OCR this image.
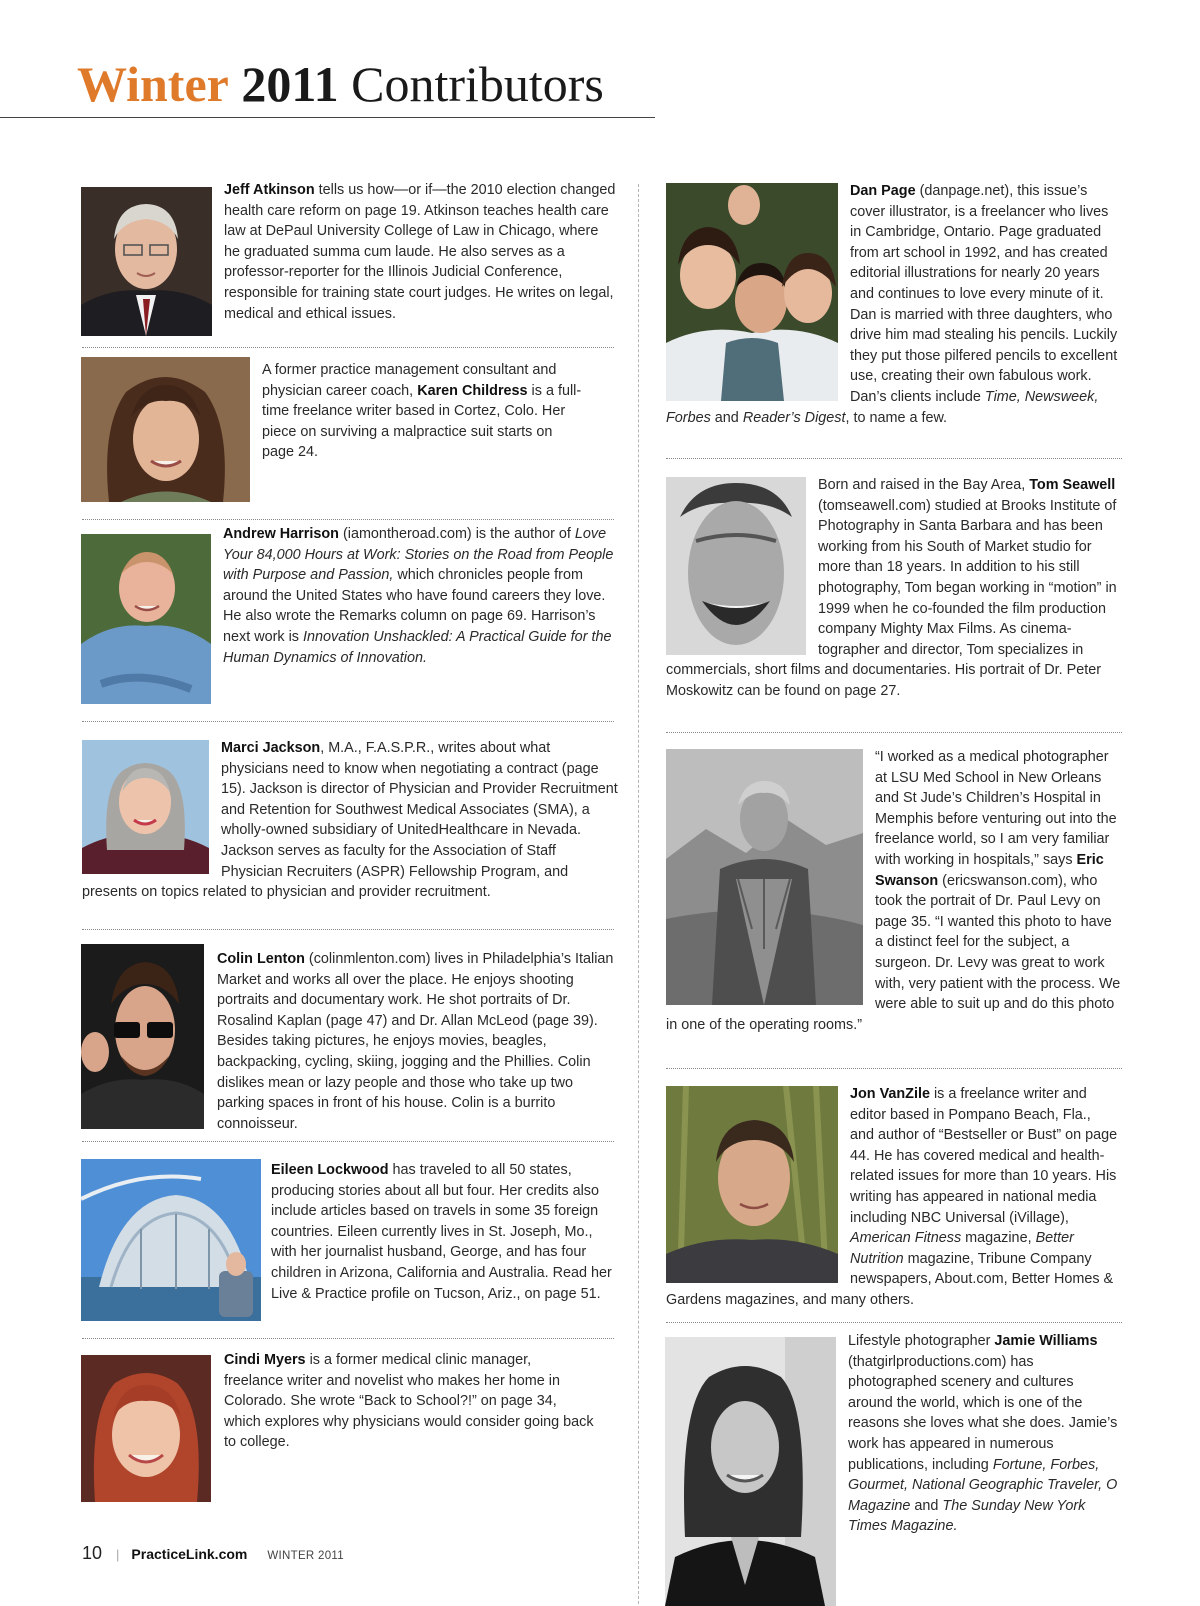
Winter 2011 Contributors

Jeff Atkinson tells us how—or if—the 2010 election changed health care reform on page 19. Atkinson teaches health care law at DePaul University College of Law in Chicago, where he graduated summa cum laude. He also serves as a professor-reporter for the Illinois Judicial Conference, responsible for training state court judges. He writes on legal, medical and ethical issues.

A former practice management consultant and physician career coach, Karen Childress is a full-time freelance writer based in Cortez, Colo. Her piece on surviving a malpractice suit starts on page 24.

Andrew Harrison (iamontheroad.com) is the author of Love Your 84,000 Hours at Work: Stories on the Road from People with Purpose and Passion, which chronicles people from around the United States who have found careers they love. He also wrote the Remarks column on page 69. Harrison’s next work is Innovation Unshackled: A Practical Guide for the Human Dynamics of Innovation.

Marci Jackson, M.A., F.A.S.P.R., writes about what physicians need to know when negotiating a contract (page 15). Jackson is director of Physician and Provider Recruitment and Retention for Southwest Medical Associates (SMA), a wholly-owned subsidiary of UnitedHealthcare in Nevada. Jackson serves as faculty for the Association of Staff Physician Recruiters (ASPR) Fellowship Program, and presents on topics related to physician and provider recruitment.

Colin Lenton (colinmlenton.com) lives in Philadelphia’s Italian Market and works all over the place. He enjoys shooting portraits and documentary work. He shot portraits of Dr. Rosalind Kaplan (page 47) and Dr. Allan McLeod (page 39). Besides taking pictures, he enjoys movies, beagles, backpacking, cycling, skiing, jogging and the Phillies. Colin dislikes mean or lazy people and those who take up two parking spaces in front of his house. Colin is a burrito connoisseur.

Eileen Lockwood has traveled to all 50 states, producing stories about all but four. Her credits also include articles based on travels in some 35 foreign countries. Eileen currently lives in St. Joseph, Mo., with her journalist husband, George, and has four children in Arizona, California and Australia. Read her Live & Practice profile on Tucson, Ariz., on page 51.

Cindi Myers is a former medical clinic manager, freelance writer and novelist who makes her home in Colorado. She wrote “Back to School?!” on page 34, which explores why physicians would consider going back to college.

Dan Page (danpage.net), this issue’s cover illustrator, is a freelancer who lives in Cambridge, Ontario. Page graduated from art school in 1992, and has created editorial illustrations for nearly 20 years and continues to love every minute of it. Dan is married with three daughters, who drive him mad stealing his pencils. Luckily they put those pilfered pencils to excellent use, creating their own fabulous work. Dan’s clients include Time, Newsweek, Forbes and Reader’s Digest, to name a few.
Born and raised in the Bay Area, Tom Seawell (tomseawell.com) studied at Brooks Institute of Photography in Santa Barbara and has been working from his South of Market studio for more than 18 years. In addition to his still photography, Tom began working in “motion” in 1999 when he co-founded the film production company Mighty Max Films. As cinema-tographer and director, Tom specializes in commercials, short films and documentaries. His portrait of Dr. Peter Moskowitz can be found on page 27.
“I worked as a medical photographer at LSU Med School in New Orleans and St Jude’s Children’s Hospital in Memphis before venturing out into the freelance world, so I am very familiar with working in hospitals,” says Eric Swanson (ericswanson.com), who took the portrait of Dr. Paul Levy on page 35. “I wanted this photo to have a distinct feel for the subject, a surgeon. Dr. Levy was great to work with, very patient with the process. We were able to suit up and do this photo in one of the operating rooms.”
Jon VanZile is a freelance writer and editor based in Pompano Beach, Fla., and author of “Bestseller or Bust” on page 44. He has covered medical and health-related issues for more than 10 years. His writing has appeared in national media including NBC Universal (iVillage), American Fitness magazine, Better Nutrition magazine, Tribune Company newspapers, About.com, Better Homes & Gardens magazines, and many others.

Lifestyle photographer Jamie Williams (thatgirlproductions.com) has photographed scenery and cultures around the world, which is one of the reasons she loves what she does. Jamie’s work has appeared in numerous publications, including Fortune, Forbes, Gourmet, National Geographic Traveler, O Magazine and The Sunday New York Times Magazine.

10 | PracticeLink.com WINTER 2011
